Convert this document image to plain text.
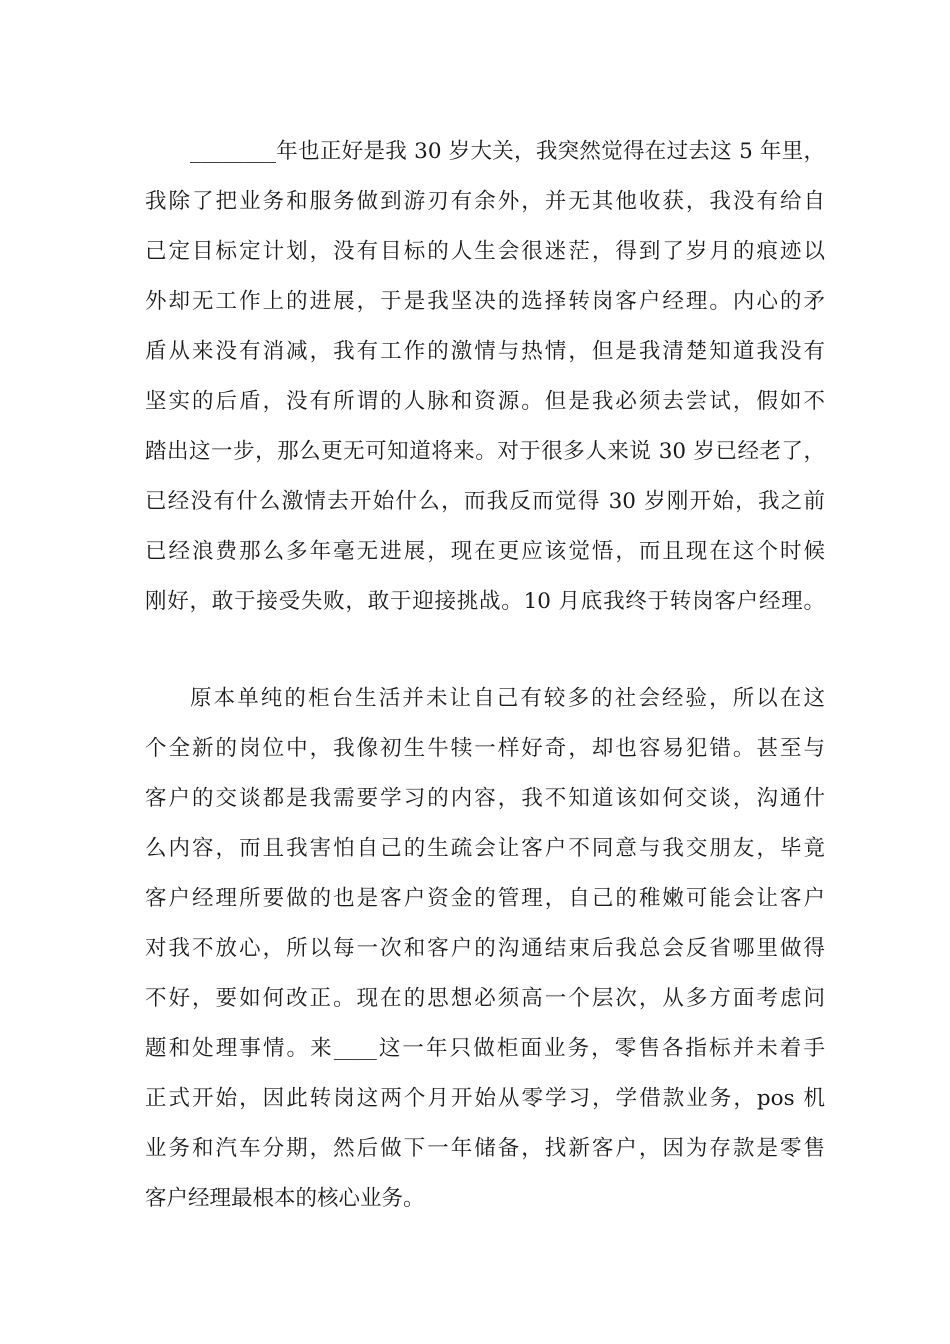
________年也正好是我 30 岁大关，我突然觉得在过去这 5 年里，
我除了把业务和服务做到游刃有余外，并无其他收获，我没有给自
己定目标定计划，没有目标的人生会很迷茫，得到了岁月的痕迹以
外却无工作上的进展，于是我坚决的选择转岗客户经理。内心的矛
盾从来没有消减，我有工作的激情与热情，但是我清楚知道我没有
坚实的后盾，没有所谓的人脉和资源。但是我必须去尝试，假如不
踏出这一步，那么更无可知道将来。对于很多人来说 30 岁已经老了，
已经没有什么激情去开始什么，而我反而觉得 30 岁刚开始，我之前
已经浪费那么多年毫无进展，现在更应该觉悟，而且现在这个时候
刚好，敢于接受失败，敢于迎接挑战。10 月底我终于转岗客户经理。
原本单纯的柜台生活并未让自己有较多的社会经验，所以在这
个全新的岗位中，我像初生牛犊一样好奇，却也容易犯错。甚至与
客户的交谈都是我需要学习的内容，我不知道该如何交谈，沟通什
么内容，而且我害怕自己的生疏会让客户不同意与我交朋友，毕竟
客户经理所要做的也是客户资金的管理，自己的稚嫩可能会让客户
对我不放心，所以每一次和客户的沟通结束后我总会反省哪里做得
不好，要如何改正。现在的思想必须高一个层次，从多方面考虑问
题和处理事情。来____这一年只做柜面业务，零售各指标并未着手
正式开始，因此转岗这两个月开始从零学习，学借款业务，pos 机
业务和汽车分期，然后做下一年储备，找新客户，因为存款是零售
客户经理最根本的核心业务。
